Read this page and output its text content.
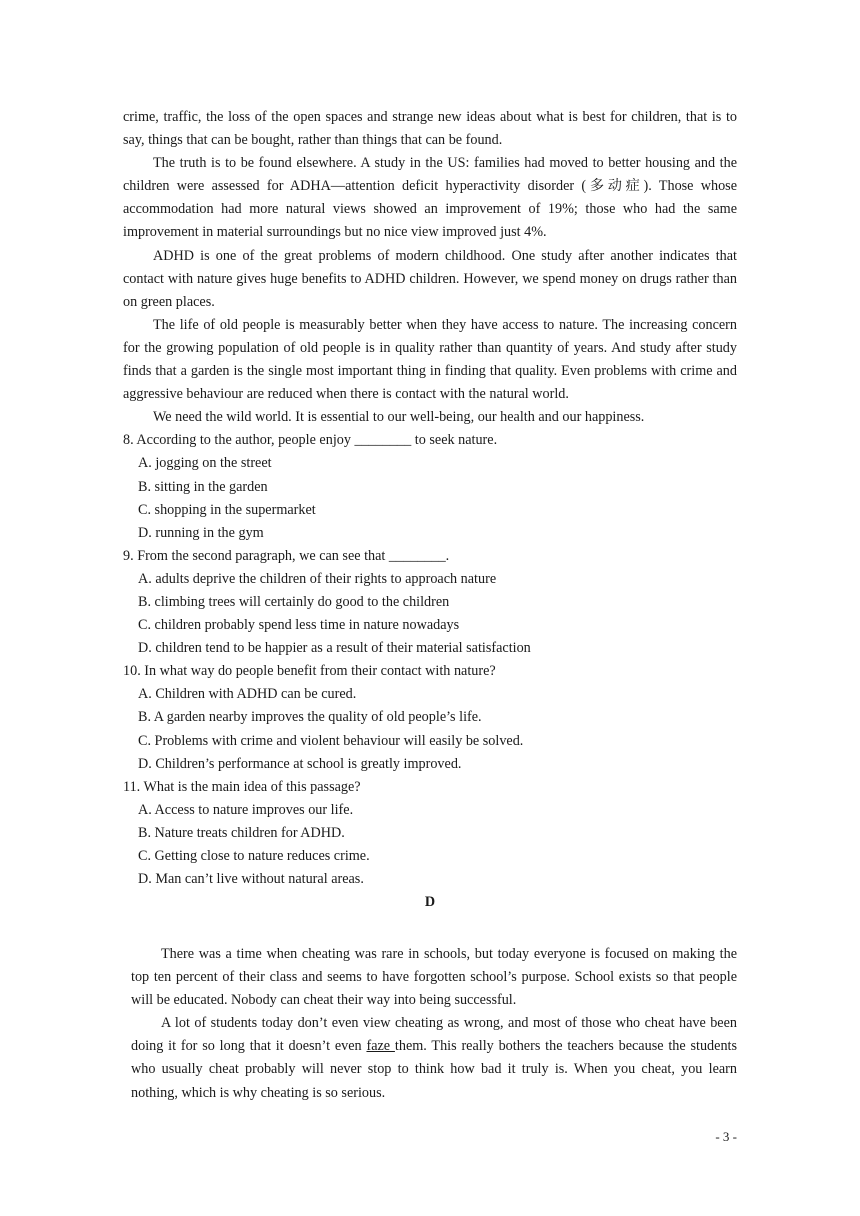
crime, traffic, the loss of the open spaces and strange new ideas about what is best for children, that is to say, things that can be bought, rather than things that can be found.

The truth is to be found elsewhere. A study in the US: families had moved to better housing and the children were assessed for ADHA—attention deficit hyperactivity disorder (多动症). Those whose accommodation had more natural views showed an improvement of 19%; those who had the same improvement in material surroundings but no nice view improved just 4%.

ADHD is one of the great problems of modern childhood. One study after another indicates that contact with nature gives huge benefits to ADHD children. However, we spend money on drugs rather than on green places.

The life of old people is measurably better when they have access to nature. The increasing concern for the growing population of old people is in quality rather than quantity of years. And study after study finds that a garden is the single most important thing in finding that quality. Even problems with crime and aggressive behaviour are reduced when there is contact with the natural world.

We need the wild world. It is essential to our well-being, our health and our happiness.

8. According to the author, people enjoy ________ to seek nature.

A. jogging on the street

B. sitting in the garden

C. shopping in the supermarket

D. running in the gym

9. From the second paragraph, we can see that ________.

A. adults deprive the children of their rights to approach nature

B. climbing trees will certainly do good to the children

C. children probably spend less time in nature nowadays

D. children tend to be happier as a result of their material satisfaction

10. In what way do people benefit from their contact with nature?

A. Children with ADHD can be cured.

B. A garden nearby improves the quality of old people’s life.

C. Problems with crime and violent behaviour will easily be solved.

D. Children’s performance at school is greatly improved.

11. What is the main idea of this passage?

A. Access to nature improves our life.

B. Nature treats children for ADHD.

C. Getting close to nature reduces crime.

D. Man can’t live without natural areas.

D

There was a time when cheating was rare in schools, but today everyone is focused on making the top ten percent of their class and seems to have forgotten school’s purpose. School exists so that people will be educated. Nobody can cheat their way into being successful.

A lot of students today don’t even view cheating as wrong, and most of those who cheat have been doing it for so long that it doesn’t even faze them. This really bothers the teachers because the students who usually cheat probably will never stop to think how bad it truly is. When you cheat, you learn nothing, which is why cheating is so serious.

- 3 -
